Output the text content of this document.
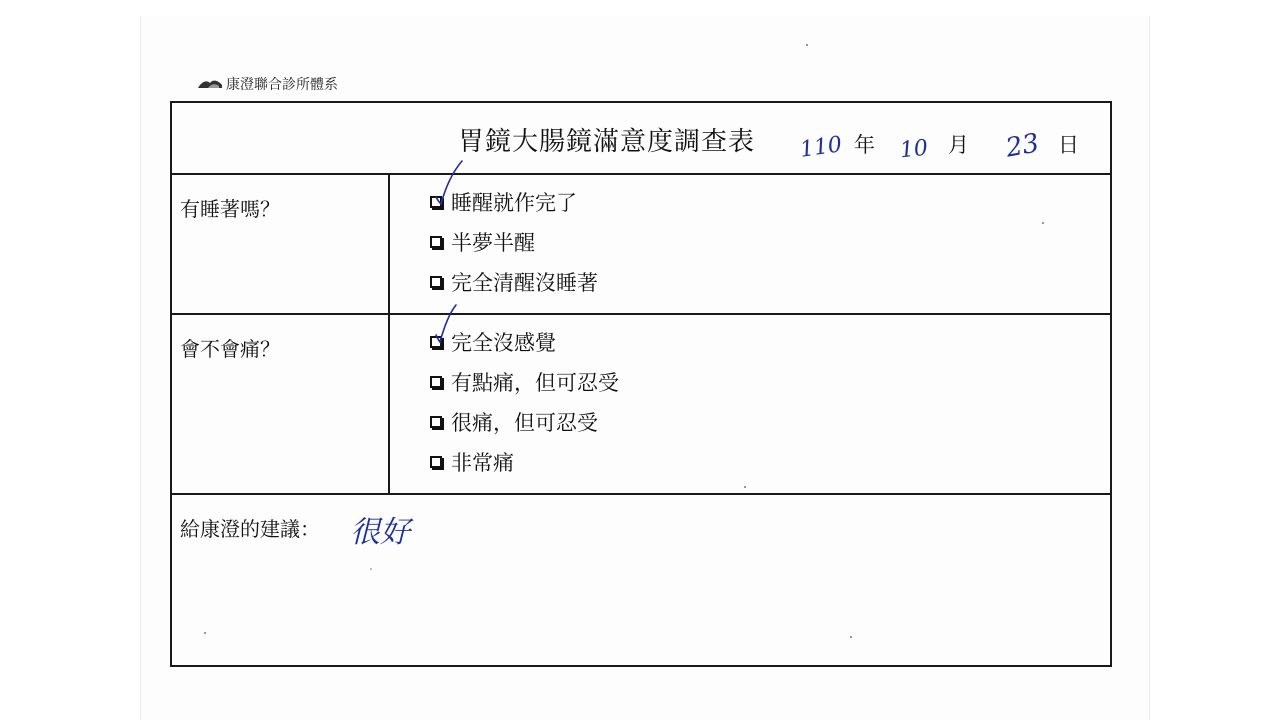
康澄聯合診所體系
胃鏡大腸鏡滿意度調查表 110 年 10 月 23 日
有睡著嗎？	睡醒就作完了
半夢半醒
完全清醒沒睡著
會不會痛？	完全沒感覺
有點痛，但可忍受
很痛，但可忍受
非常痛
給康澄的建議： 很好
